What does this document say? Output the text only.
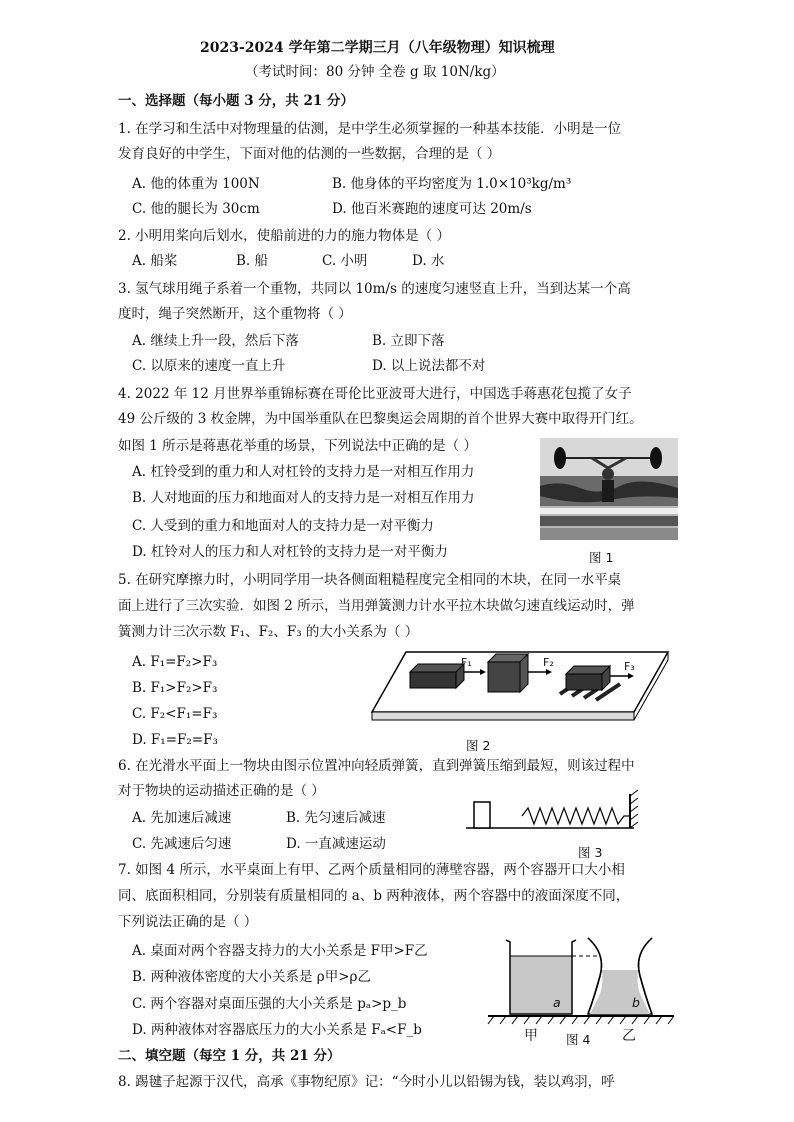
2023-2024 学年第二学期三月（八年级物理）知识梳理
（考试时间：80 分钟 全卷 g 取 10N/kg）
一、选择题（每小题 3 分，共 21 分）
1. 在学习和生活中对物理量的估测，是中学生必须掌握的一种基本技能．小明是一位
发育良好的中学生，下面对他的估测的一些数据，合理的是（ ）
A. 他的体重为 100N	B. 他身体的平均密度为 1.0×10³kg/m³
C. 他的腿长为 30cm	D. 他百米赛跑的速度可达 20m/s
2. 小明用桨向后划水，使船前进的力的施力物体是（ ）
A. 船桨	B. 船	C. 小明	D. 水
3. 氢气球用绳子系着一个重物，共同以 10m/s 的速度匀速竖直上升，当到达某一个高
度时，绳子突然断开，这个重物将（ ）
A. 继续上升一段，然后下落	B. 立即下落
C. 以原来的速度一直上升	D. 以上说法都不对
4. 2022 年 12 月世界举重锦标赛在哥伦比亚波哥大进行，中国选手蒋惠花包揽了女子
49 公斤级的 3 枚金牌，为中国举重队在巴黎奥运会周期的首个世界大赛中取得开门红。
如图 1 所示是蒋惠花举重的场景，下列说法中正确的是（ ）
A. 杠铃受到的重力和人对杠铃的支持力是一对相互作用力
B. 人对地面的压力和地面对人的支持力是一对相互作用力
C. 人受到的重力和地面对人的支持力是一对平衡力
D. 杠铃对人的压力和人对杠铃的支持力是一对平衡力	图 1
5. 在研究摩擦力时，小明同学用一块各侧面粗糙程度完全相同的木块，在同一水平桌
面上进行了三次实验．如图 2 所示，当用弹簧测力计水平拉木块做匀速直线运动时，弹
簧测力计三次示数 F₁、F₂、F₃ 的大小关系为（ ）
A. F₁=F₂>F₃
B. F₁>F₂>F₃
C. F₂<F₁=F₃
D. F₁=F₂=F₃
F₁	F₂	F₃
图 2
6. 在光滑水平面上一物块由图示位置冲向轻质弹簧，直到弹簧压缩到最短，则该过程中
对于物块的运动描述正确的是（ ）
A. 先加速后减速	B. 先匀速后减速
C. 先减速后匀速	D. 一直减速运动
图 3
7. 如图 4 所示，水平桌面上有甲、乙两个质量相同的薄壁容器，两个容器开口大小相
同、底面积相同，分别装有质量相同的 a、b 两种液体，两个容器中的液面深度不同，
下列说法正确的是（ ）
A. 桌面对两个容器支持力的大小关系是 F甲>F乙
B. 两种液体密度的大小关系是 ρ甲>ρ乙
C. 两个容器对桌面压强的大小关系是 pₐ>p_b
D. 两种液体对容器底压力的大小关系是 Fₐ<F_b
a	b
甲 图 4 乙
二、填空题（每空 1 分，共 21 分）
8. 踢毽子起源于汉代，高承《事物纪原》记：“今时小儿以铅锡为钱，装以鸡羽，呼
